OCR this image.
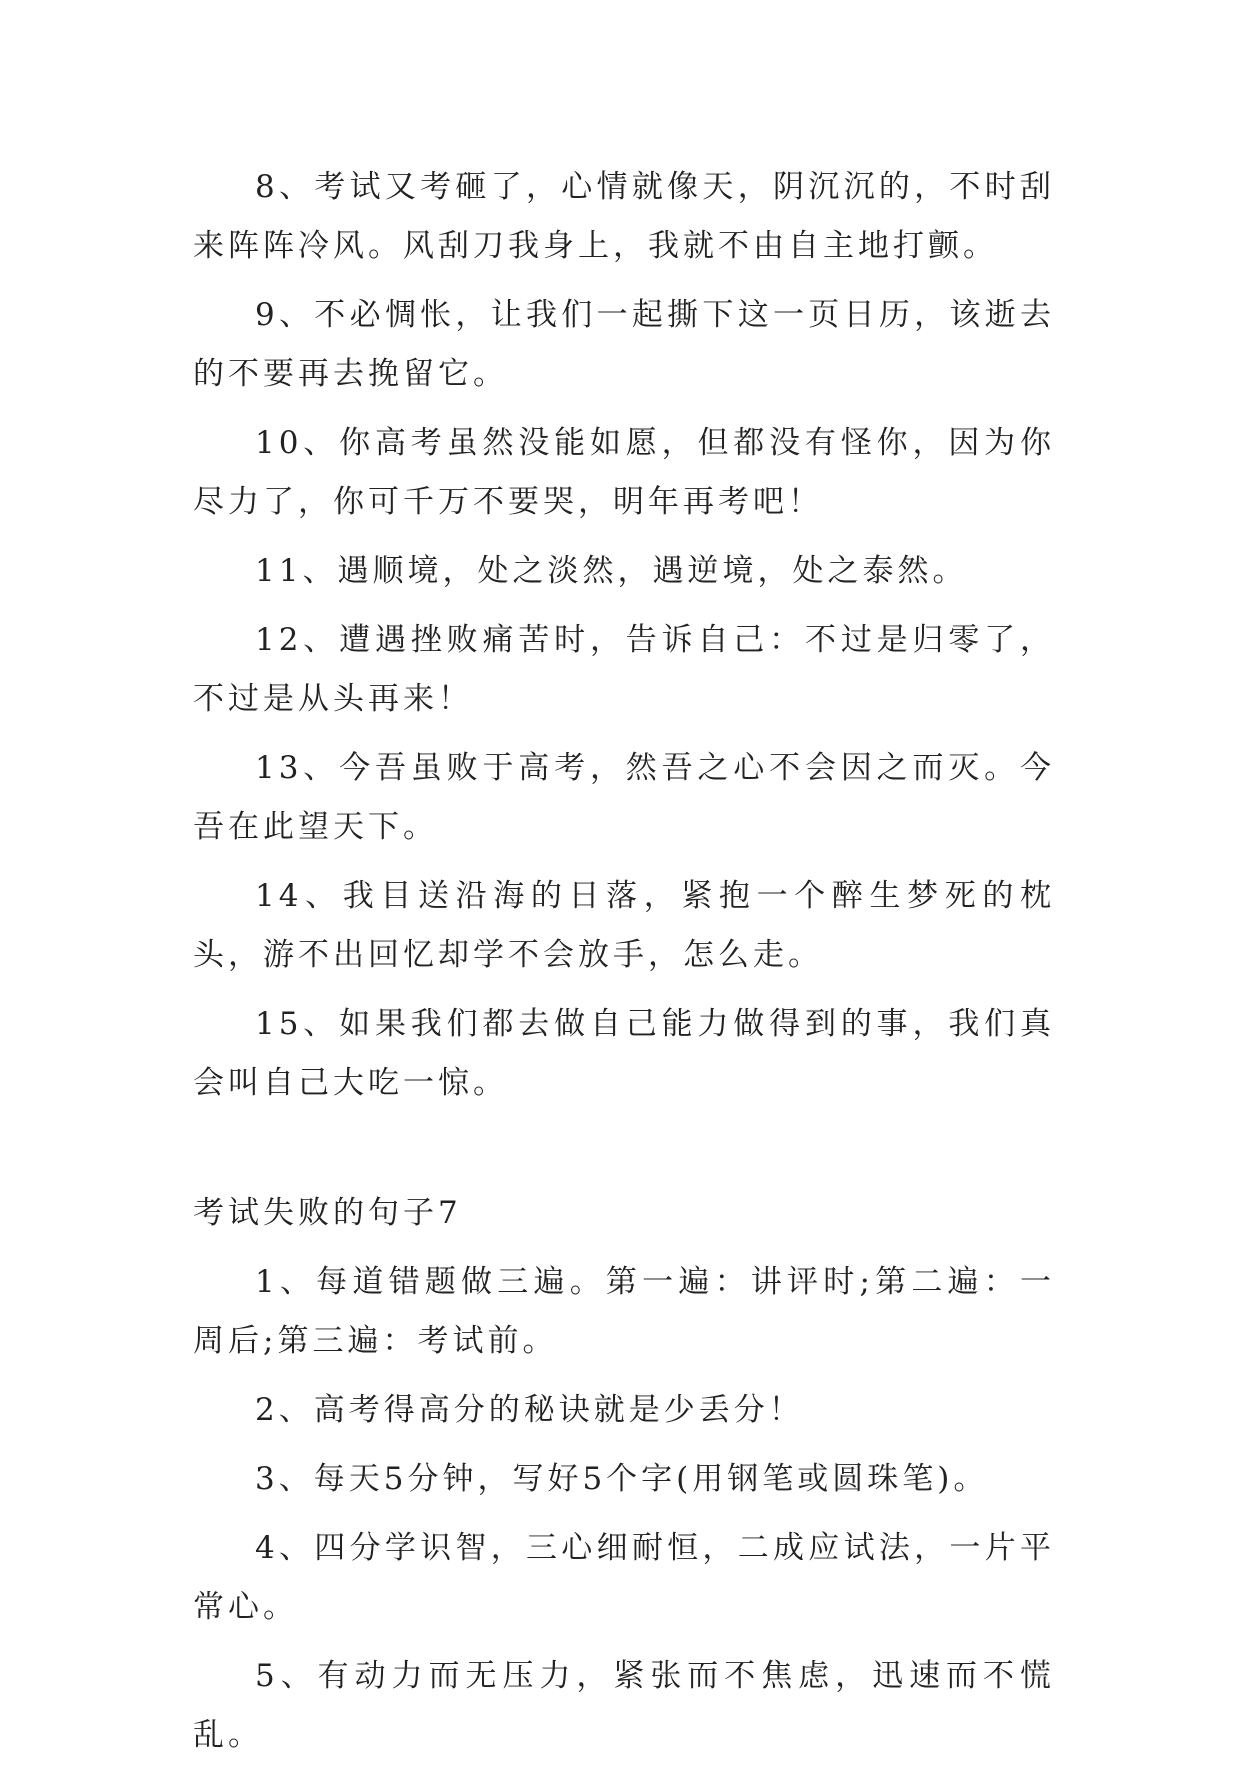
8、考试又考砸了，心情就像天，阴沉沉的，不时刮来阵阵冷风。风刮刀我身上，我就不由自主地打颤。

9、不必惆怅，让我们一起撕下这一页日历，该逝去的不要再去挽留它。

10、你高考虽然没能如愿，但都没有怪你，因为你尽力了，你可千万不要哭，明年再考吧！

11、遇顺境，处之淡然，遇逆境，处之泰然。

12、遭遇挫败痛苦时，告诉自己：不过是归零了，不过是从头再来！

13、今吾虽败于高考，然吾之心不会因之而灭。今吾在此望天下。

14、我目送沿海的日落，紧抱一个醉生梦死的枕头，游不出回忆却学不会放手，怎么走。

15、如果我们都去做自己能力做得到的事，我们真会叫自己大吃一惊。

考试失败的句子7

1、每道错题做三遍。第一遍：讲评时;第二遍：一周后;第三遍：考试前。

2、高考得高分的秘诀就是少丢分！

3、每天5分钟，写好5个字(用钢笔或圆珠笔)。

4、四分学识智，三心细耐恒，二成应试法，一片平常心。

5、有动力而无压力，紧张而不焦虑，迅速而不慌乱。
